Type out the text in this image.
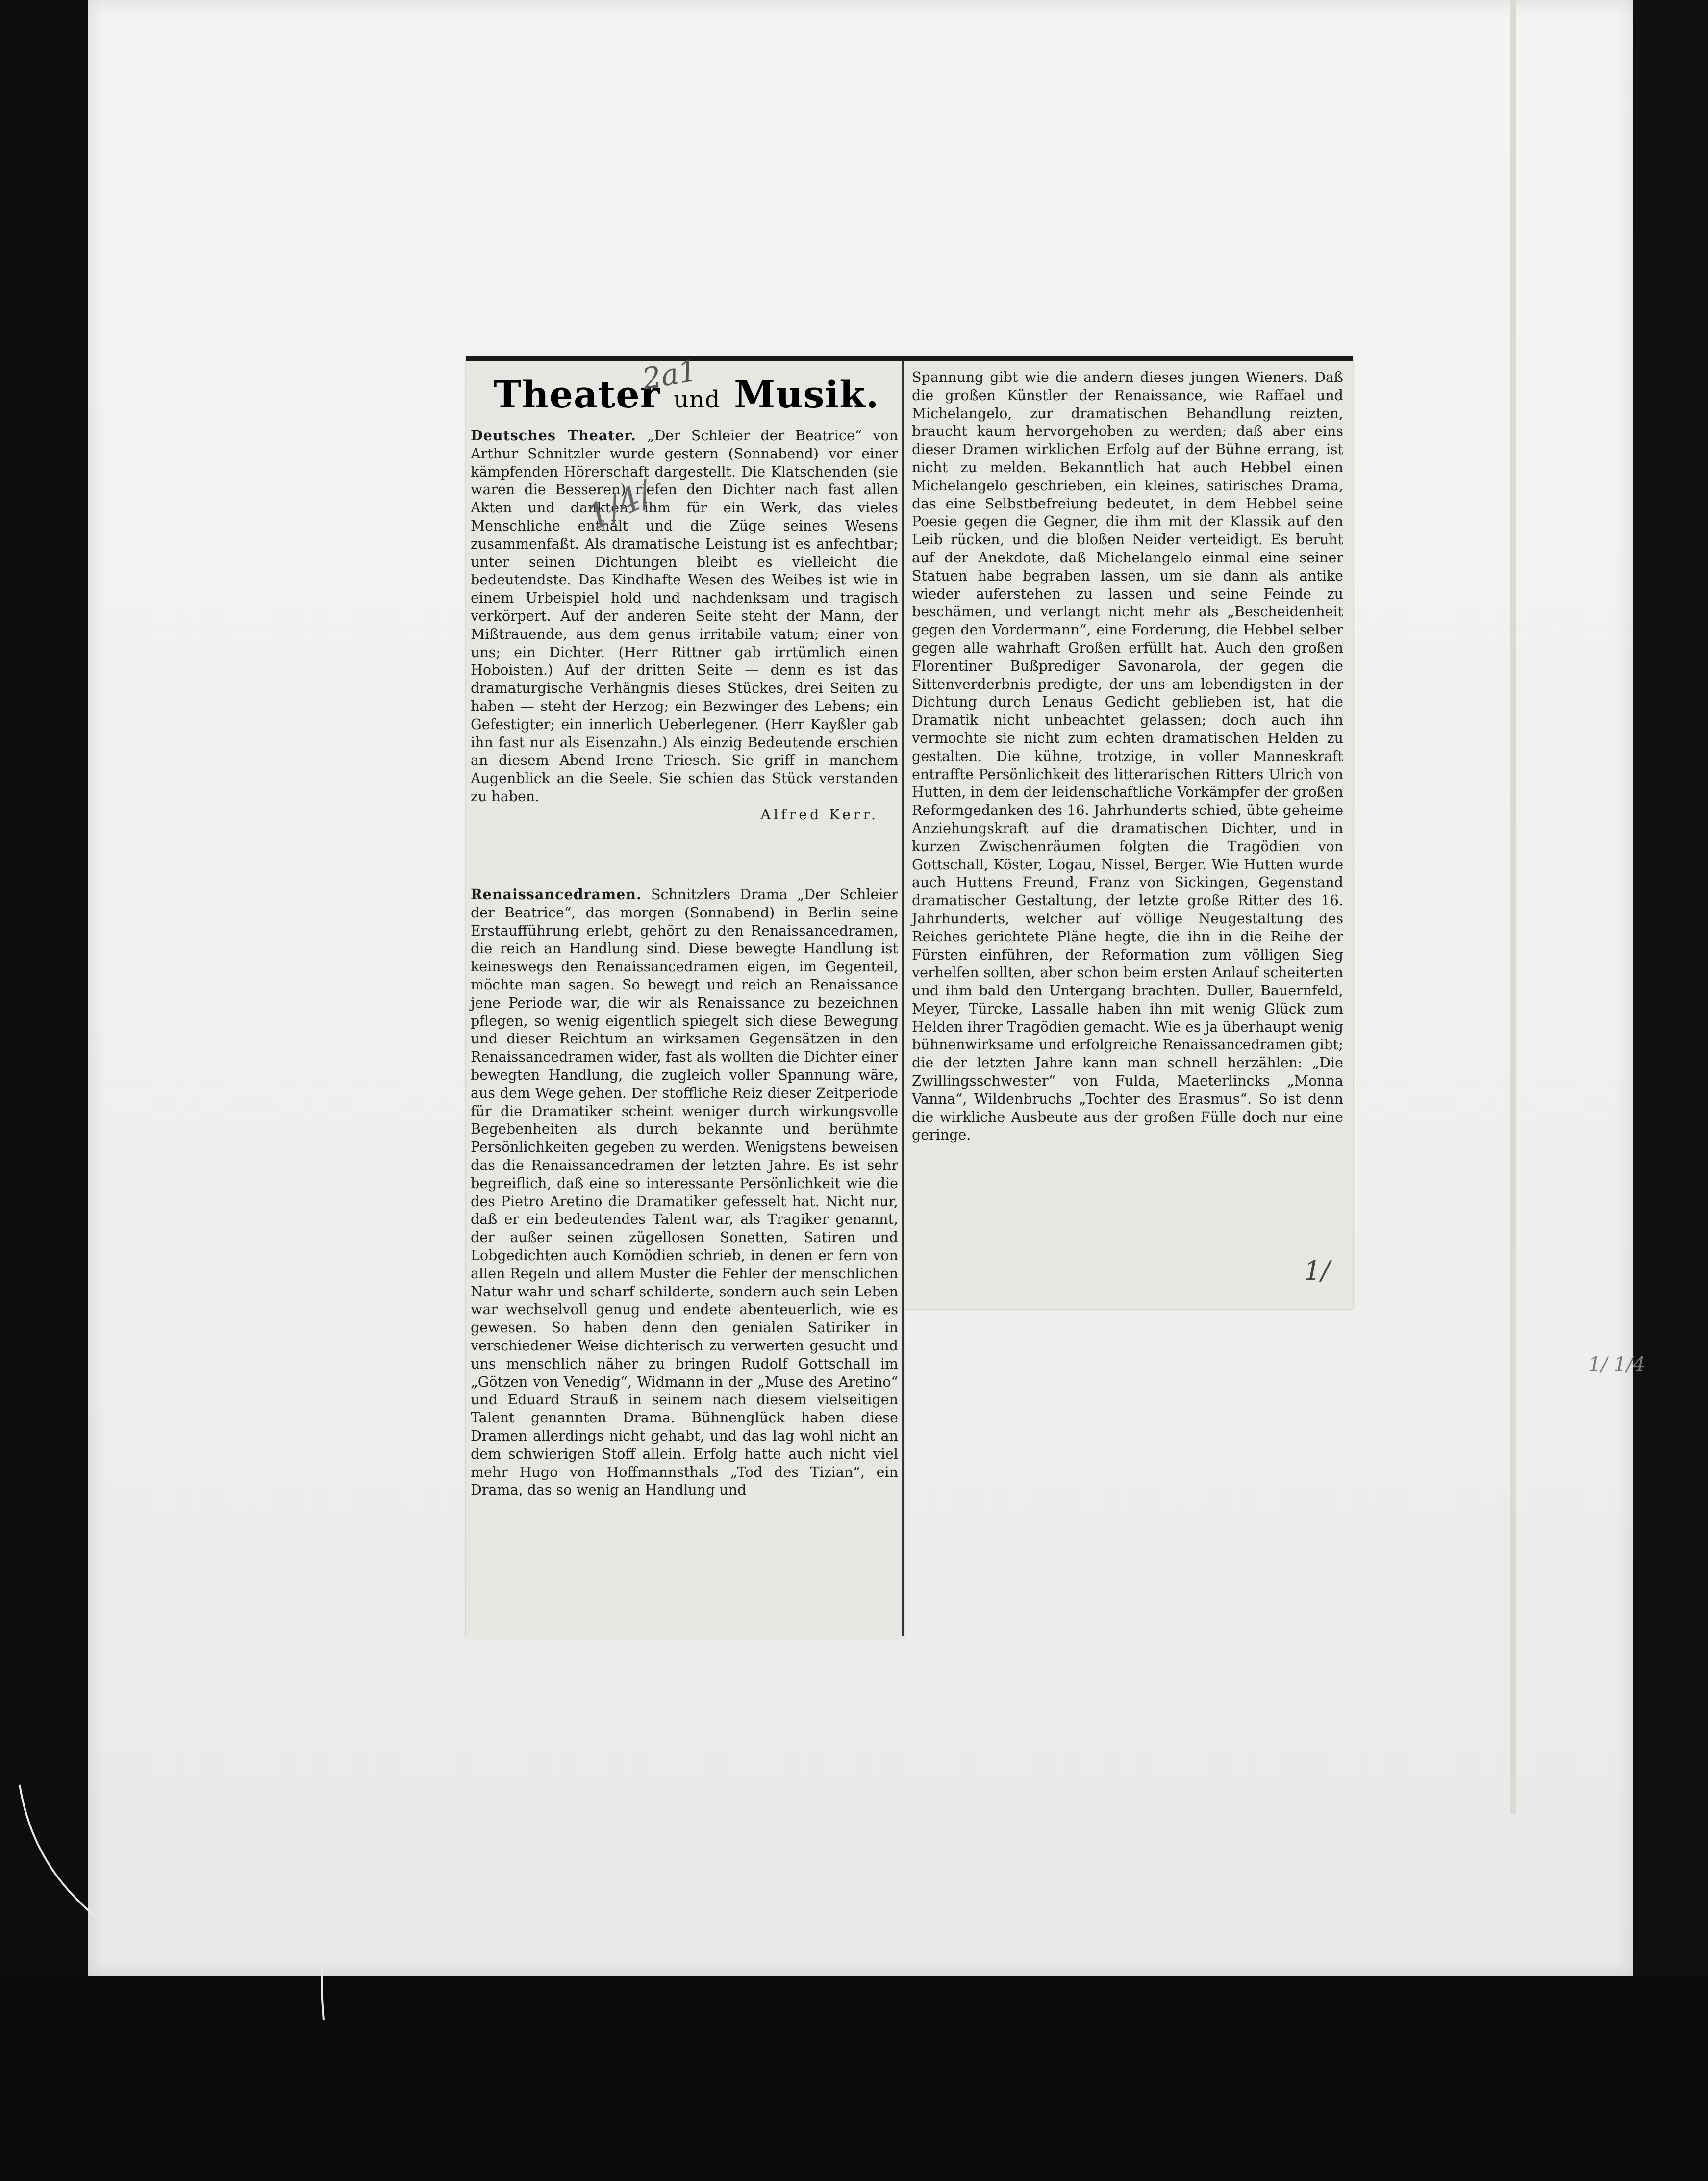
Theater und Musik.

Deutsches Theater. „Der Schleier der Beatrice“ von Arthur Schnitzler wurde gestern (Sonnabend) vor einer kämpfenden Hörerschaft dargestellt. Die Klatschenden (sie waren die Besseren) riefen den Dichter nach fast allen Akten und dankten ihm für ein Werk, das vieles Menschliche enthält und die Züge seines Wesens zusammenfaßt. Als dramatische Leistung ist es anfechtbar; unter seinen Dichtungen bleibt es vielleicht die bedeutendste. Das Kindhafte Wesen des Weibes ist wie in einem Urbeispiel hold und nachdenksam und tragisch verkörpert. Auf der anderen Seite steht der Mann, der Mißtrauende, aus dem genus irritabile vatum; einer von uns; ein Dichter. (Herr Rittner gab irrtümlich einen Hoboisten.) Auf der dritten Seite — denn es ist das dramaturgische Verhängnis dieses Stückes, drei Seiten zu haben — steht der Herzog; ein Bezwinger des Lebens; ein Gefestigter; ein innerlich Ueberlegener. (Herr Kayßler gab ihn fast nur als Eisenzahn.) Als einzig Bedeutende erschien an diesem Abend Irene Triesch. Sie griff in manchem Augenblick an die Seele. Sie schien das Stück verstanden zu haben.

Alfred Kerr.

Renaissancedramen. Schnitzlers Drama „Der Schleier der Beatrice“, das morgen (Sonnabend) in Berlin seine Erstaufführung erlebt, gehört zu den Renaissancedramen, die reich an Handlung sind. Diese bewegte Handlung ist keineswegs den Renaissancedramen eigen, im Gegenteil, möchte man sagen. So bewegt und reich an Renaissance jene Periode war, die wir als Renaissance zu bezeichnen pflegen, so wenig eigentlich spiegelt sich diese Bewegung und dieser Reichtum an wirksamen Gegensätzen in den Renaissancedramen wider, fast als wollten die Dichter einer bewegten Handlung, die zugleich voller Spannung wäre, aus dem Wege gehen. Der stoffliche Reiz dieser Zeitperiode für die Dramatiker scheint weniger durch wirkungsvolle Begebenheiten als durch bekannte und berühmte Persönlichkeiten gegeben zu werden. Wenigstens beweisen das die Renaissancedramen der letzten Jahre. Es ist sehr begreiflich, daß eine so interessante Persönlichkeit wie die des Pietro Aretino die Dramatiker gefesselt hat. Nicht nur, daß er ein bedeutendes Talent war, als Tragiker genannt, der außer seinen zügellosen Sonetten, Satiren und Lobgedichten auch Komödien schrieb, in denen er fern von allen Regeln und allem Muster die Fehler der menschlichen Natur wahr und scharf schilderte, sondern auch sein Leben war wechselvoll genug und endete abenteuerlich, wie es gewesen. So haben denn den genialen Satiriker in verschiedener Weise dichterisch zu verwerten gesucht und uns menschlich näher zu bringen Rudolf Gottschall im „Götzen von Venedig“, Widmann in der „Muse des Aretino“ und Eduard Strauß in seinem nach diesem vielseitigen Talent genannten Drama. Bühnenglück haben diese Dramen allerdings nicht gehabt, und das lag wohl nicht an dem schwierigen Stoff allein. Erfolg hatte auch nicht viel mehr Hugo von Hoffmannsthals „Tod des Tizian“, ein Drama, das so wenig an Handlung und

Spannung gibt wie die andern dieses jungen Wieners. Daß die großen Künstler der Renaissance, wie Raffael und Michelangelo, zur dramatischen Behandlung reizten, braucht kaum hervorgehoben zu werden; daß aber eins dieser Dramen wirklichen Erfolg auf der Bühne errang, ist nicht zu melden. Bekanntlich hat auch Hebbel einen Michelangelo geschrieben, ein kleines, satirisches Drama, das eine Selbstbefreiung bedeutet, in dem Hebbel seine Poesie gegen die Gegner, die ihm mit der Klassik auf den Leib rücken, und die bloßen Neider verteidigt. Es beruht auf der Anekdote, daß Michelangelo einmal eine seiner Statuen habe begraben lassen, um sie dann als antike wieder auferstehen zu lassen und seine Feinde zu beschämen, und verlangt nicht mehr als „Bescheidenheit gegen den Vordermann“, eine Forderung, die Hebbel selber gegen alle wahrhaft Großen erfüllt hat. Auch den großen Florentiner Bußprediger Savonarola, der gegen die Sittenverderbnis predigte, der uns am lebendigsten in der Dichtung durch Lenaus Gedicht geblieben ist, hat die Dramatik nicht unbeachtet gelassen; doch auch ihn vermochte sie nicht zum echten dramatischen Helden zu gestalten. Die kühne, trotzige, in voller Manneskraft entraffte Persönlichkeit des litterarischen Ritters Ulrich von Hutten, in dem der leidenschaftliche Vorkämpfer der großen Reformgedanken des 16. Jahrhunderts schied, übte geheime Anziehungskraft auf die dramatischen Dichter, und in kurzen Zwischenräumen folgten die Tragödien von Gottschall, Köster, Logau, Nissel, Berger. Wie Hutten wurde auch Huttens Freund, Franz von Sickingen, Gegenstand dramatischer Gestaltung, der letzte große Ritter des 16. Jahrhunderts, welcher auf völlige Neugestaltung des Reiches gerichtete Pläne hegte, die ihn in die Reihe der Fürsten einführen, der Reformation zum völligen Sieg verhelfen sollten, aber schon beim ersten Anlauf scheiterten und ihm bald den Untergang brachten. Duller, Bauernfeld, Meyer, Türcke, Lassalle haben ihn mit wenig Glück zum Helden ihrer Tragödien gemacht. Wie es ja überhaupt wenig bühnenwirksame und erfolgreiche Renaissancedramen gibt; die der letzten Jahre kann man schnell herzählen: „Die Zwillingsschwester“ von Fulda, Maeterlincks „Monna Vanna“, Wildenbruchs „Tochter des Erasmus“. So ist denn die wirkliche Ausbeute aus der großen Fülle doch nur eine geringe.

2a1
1/4/
1/
1/ 1/4
